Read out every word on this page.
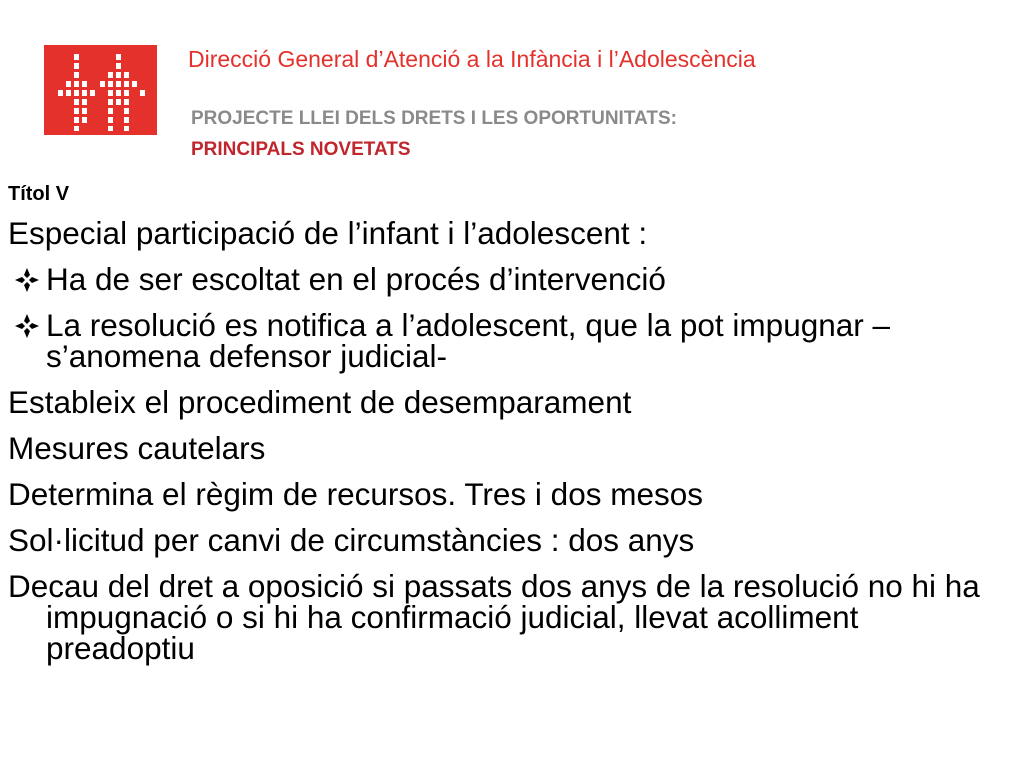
Direcció General d’Atenció a la Infància i l’Adolescència
PROJECTE LLEI DELS DRETS I LES OPORTUNITATS:
PRINCIPALS NOVETATS
Títol V

Especial participació de l’infant i l’adolescent :

Ha de ser escoltat en el procés d’intervenció
La resolució es notifica a l’adolescent, que la pot impugnar –s’anomena defensor judicial-

Estableix el procediment de desemparament

Mesures cautelars

Determina el règim de recursos. Tres i dos mesos

Sol·licitud per canvi de circumstàncies : dos anys

Decau del dret a oposició si passats dos anys de la resolució no hi ha impugnació o si hi ha confirmació judicial, llevat acolliment preadoptiu
